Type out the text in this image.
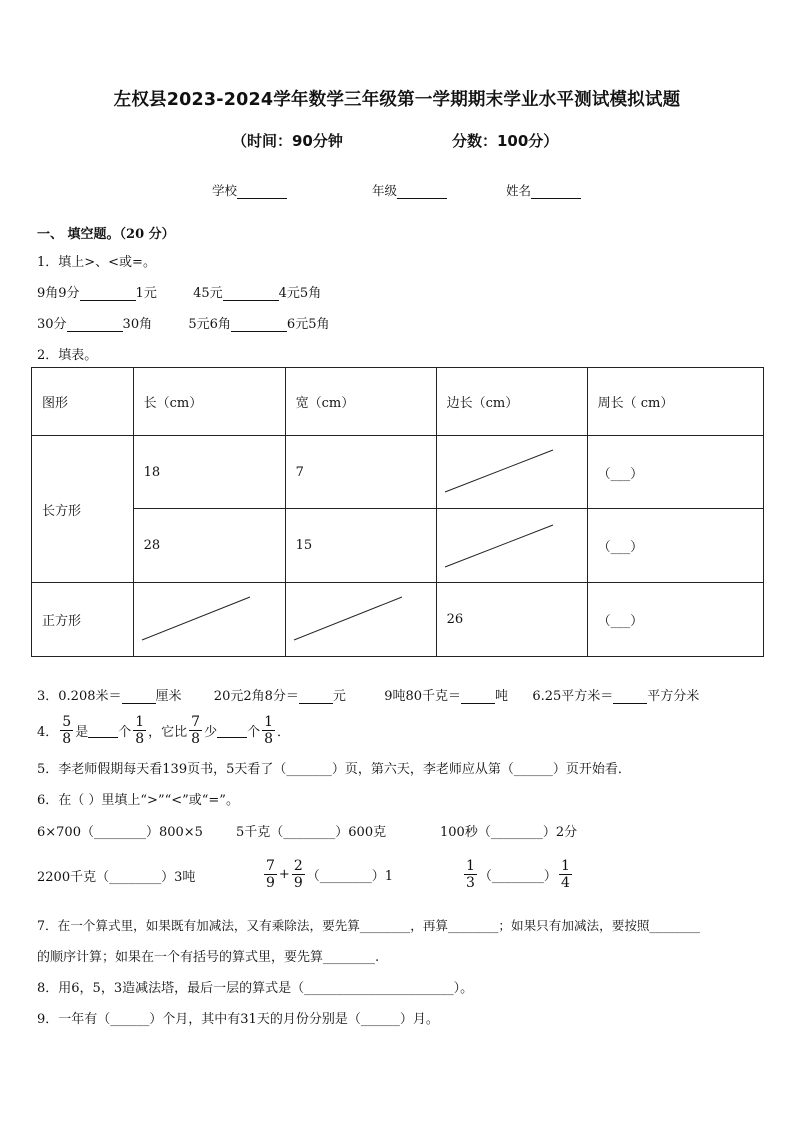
左权县2023-2024学年数学三年级第一学期期末学业水平测试模拟试题
（时间：90分钟	分数：100分）
学校	年级	姓名
一、 填空题。（20 分）
1．填上>、<或=。
9角9分	1元	45元	4元5角
30分	30角	5元6角	6元5角
2．填表。
图形	长（cm）	宽（cm）	边长（cm）	周长（ cm）
长方形	18	7		（___）
	28	15		（___）
正方形			26	（___）
3．0.208米＝	厘米 20元2角8分＝	元	9吨80千克＝	吨 6.25平方米＝	平方分米
4． $\frac{5}{8}$ 是 个 $\frac{1}{8}$ ，它比 $\frac{7}{8}$ 少 个 $\frac{1}{8}$ ．
5．李老师假期每天看139页书，5天看了（_______）页，第六天，李老师应从第（______）页开始看．
6．在（ ）里填上“>”“<”或“=”。
6×700（________）800×5	5千克（________）600克	100秒（________）2分
2200千克（________）3吨	$\frac{7}{9} + \frac{2}{9}$ （________）1	$\frac{1}{3}$ （________） $\frac{1}{4}$
7．在一个算式里，如果既有加减法，又有乘除法，要先算________，再算________；如果只有加减法，要按照________
的顺序计算；如果在一个有括号的算式里，要先算________.
8．用6，5，3造减法塔，最后一层的算式是（_______________________）。
9．一年有（______）个月，其中有31天的月份分别是（______）月。
